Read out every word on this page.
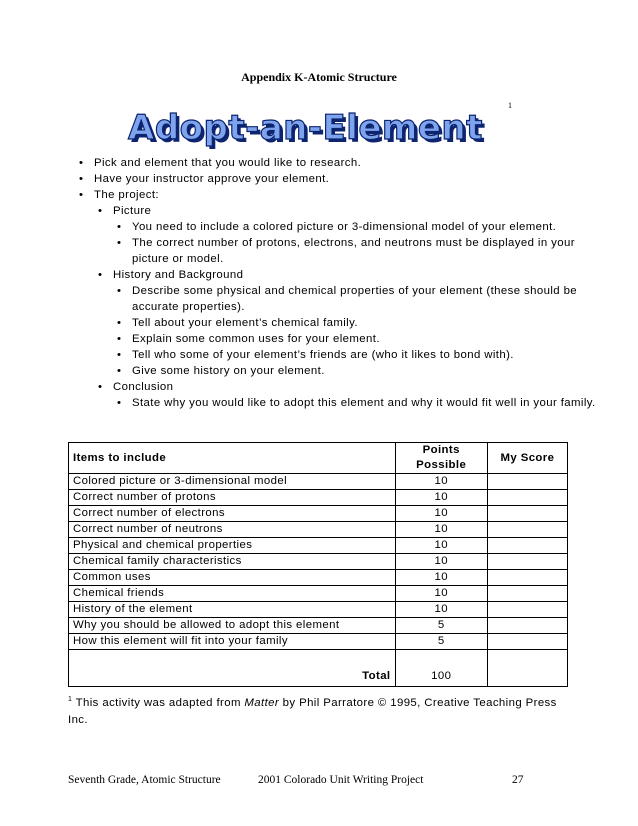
Appendix K-Atomic Structure
Adopt-an-Element
1
• Pick and element that you would like to research.
• Have your instructor approve your element.
• The project:
• Picture
• You need to include a colored picture or 3-dimensional model of your element.
• The correct number of protons, electrons, and neutrons must be displayed in your picture or model.
• History and Background
• Describe some physical and chemical properties of your element (these should be accurate properties).
• Tell about your element’s chemical family.
• Explain some common uses for your element.
• Tell who some of your element’s friends are (who it likes to bond with).
• Give some history on your element.
• Conclusion
• State why you would like to adopt this element and why it would fit well in your family.
Items to include	Points Possible	My Score
Colored picture or 3-dimensional model	10	
Correct number of protons	10	
Correct number of electrons	10	
Correct number of neutrons	10	
Physical and chemical properties	10	
Chemical family characteristics	10	
Common uses	10	
Chemical friends	10	
History of the element	10	
Why you should be allowed to adopt this element	5	
How this element will fit into your family	5	
Total	100	
$^1$ This activity was adapted from Matter by Phil Parratore © 1995, Creative Teaching Press Inc.
Seventh Grade, Atomic Structure	2001 Colorado Unit Writing Project	27
